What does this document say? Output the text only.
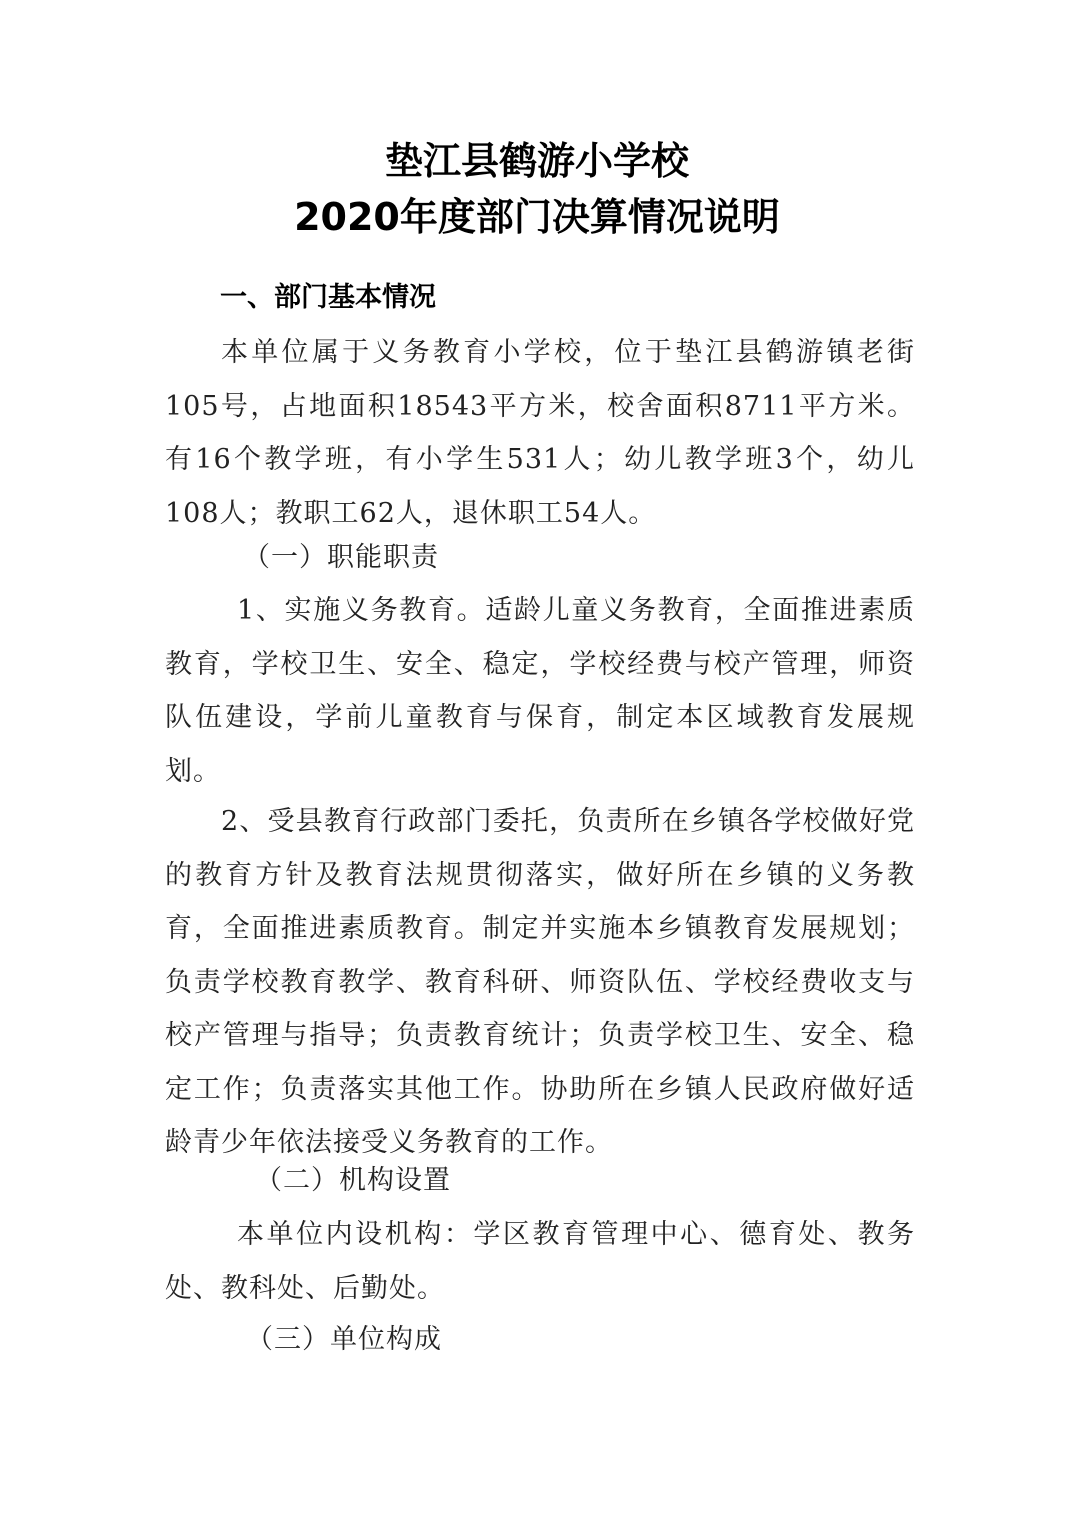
垫江县鹤游小学校
2020年度部门决算情况说明
一、部门基本情况

本单位属于义务教育小学校，位于垫江县鹤游镇老街105号，占地面积18543平方米，校舍面积8711平方米。有16个教学班，有小学生531人；幼儿教学班3个，幼儿108人；教职工62人，退休职工54人。

（一）职能职责

1、实施义务教育。适龄儿童义务教育，全面推进素质教育，学校卫生、安全、稳定，学校经费与校产管理，师资队伍建设，学前儿童教育与保育，制定本区域教育发展规划。

2、受县教育行政部门委托，负责所在乡镇各学校做好党的教育方针及教育法规贯彻落实，做好所在乡镇的义务教育，全面推进素质教育。制定并实施本乡镇教育发展规划；负责学校教育教学、教育科研、师资队伍、学校经费收支与校产管理与指导；负责教育统计；负责学校卫生、安全、稳定工作；负责落实其他工作。协助所在乡镇人民政府做好适龄青少年依法接受义务教育的工作。

（二）机构设置

本单位内设机构：学区教育管理中心、德育处、教务处、教科处、后勤处。

（三）单位构成
